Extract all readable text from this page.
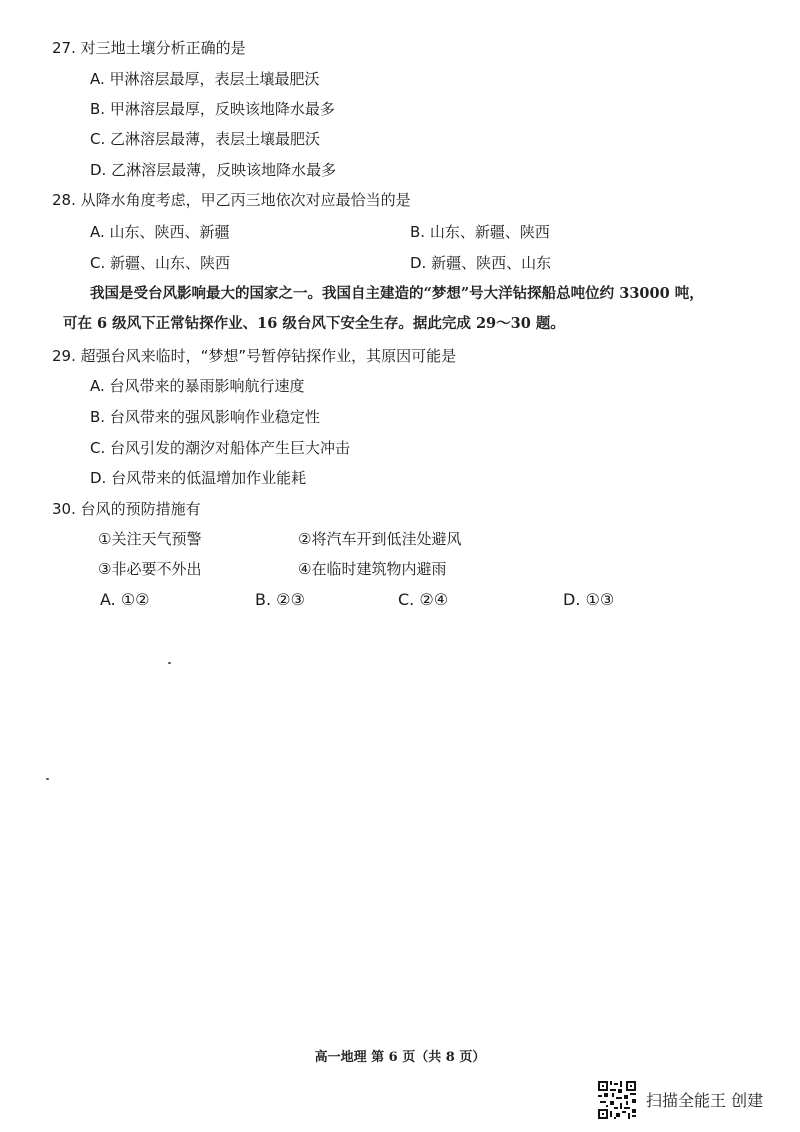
27. 对三地土壤分析正确的是
A. 甲淋溶层最厚，表层土壤最肥沃
B. 甲淋溶层最厚，反映该地降水最多
C. 乙淋溶层最薄，表层土壤最肥沃
D. 乙淋溶层最薄，反映该地降水最多
28. 从降水角度考虑，甲乙丙三地依次对应最恰当的是
A. 山东、陕西、新疆	B. 山东、新疆、陕西
C. 新疆、山东、陕西	D. 新疆、陕西、山东
我国是受台风影响最大的国家之一。我国自主建造的“梦想”号大洋钻探船总吨位约 33000 吨，
可在 6 级风下正常钻探作业、16 级台风下安全生存。据此完成 29～30 题。
29. 超强台风来临时，“梦想”号暂停钻探作业，其原因可能是
A. 台风带来的暴雨影响航行速度
B. 台风带来的强风影响作业稳定性
C. 台风引发的潮汐对船体产生巨大冲击
D. 台风带来的低温增加作业能耗
30. 台风的预防措施有
①关注天气预警	②将汽车开到低洼处避风
③非必要不外出	④在临时建筑物内避雨
A. ①②	B. ②③	C. ②④	D. ①③
高一地理 第 6 页（共 8 页）
扫描全能王 创建
